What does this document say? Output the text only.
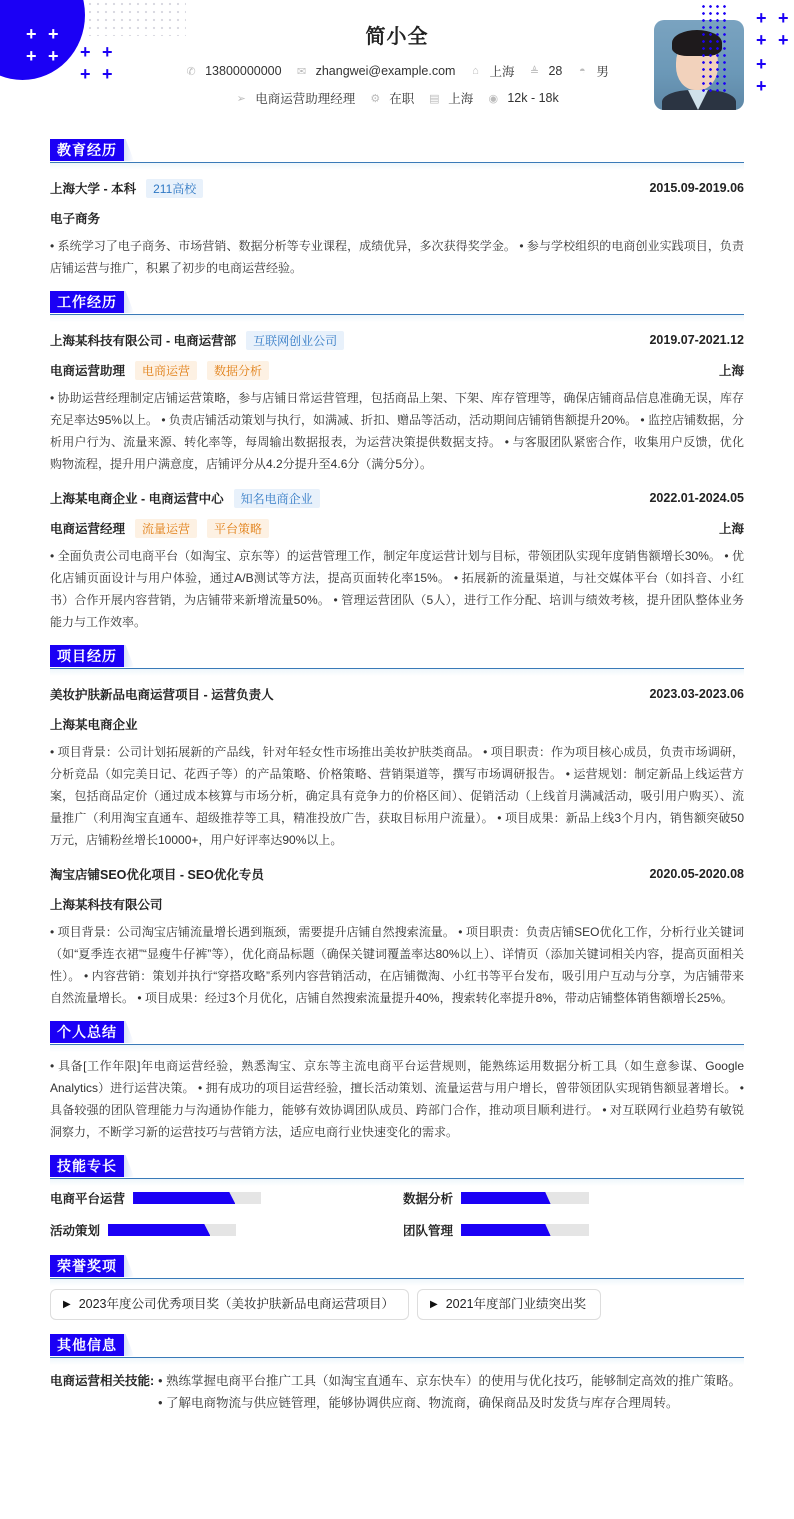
+ +
+ +	+ +
+ +
+ +
+ +
+
+
简小全
✆ 13800000000 ✉ zhangwei@example.com ⌂ 上海 ≜ 28 ◓ 男
➢ 电商运营助理经理 ⚙ 在职 ▤ 上海 ◉ 12k - 18k
教育经历
上海大学 - 本科	211高校	2015.09-2019.06
电子商务
• 系统学习了电子商务、市场营销、数据分析等专业课程，成绩优异，多次获得奖学金。 • 参与学校组织的电商创业实践项目，负责店铺运营与推广，积累了初步的电商运营经验。
工作经历
上海某科技有限公司 - 电商运营部	互联网创业公司	2019.07-2021.12
电商运营助理	电商运营	数据分析	上海
• 协助运营经理制定店铺运营策略，参与店铺日常运营管理，包括商品上架、下架、库存管理等，确保店铺商品信息准确无误，库存充足率达95%以上。 • 负责店铺活动策划与执行，如满减、折扣、赠品等活动，活动期间店铺销售额提升20%。 • 监控店铺数据，分析用户行为、流量来源、转化率等，每周输出数据报表，为运营决策提供数据支持。 • 与客服团队紧密合作，收集用户反馈，优化购物流程，提升用户满意度，店铺评分从4.2分提升至4.6分（满分5分）。
上海某电商企业 - 电商运营中心	知名电商企业	2022.01-2024.05
电商运营经理	流量运营	平台策略	上海
• 全面负责公司电商平台（如淘宝、京东等）的运营管理工作，制定年度运营计划与目标，带领团队实现年度销售额增长30%。 • 优化店铺页面设计与用户体验，通过A/B测试等方法，提高页面转化率15%。 • 拓展新的流量渠道，与社交媒体平台（如抖音、小红书）合作开展内容营销，为店铺带来新增流量50%。 • 管理运营团队（5人），进行工作分配、培训与绩效考核，提升团队整体业务能力与工作效率。
项目经历
美妆护肤新品电商运营项目 - 运营负责人	2023.03-2023.06
上海某电商企业
• 项目背景：公司计划拓展新的产品线，针对年轻女性市场推出美妆护肤类商品。 • 项目职责：作为项目核心成员，负责市场调研，分析竞品（如完美日记、花西子等）的产品策略、价格策略、营销渠道等，撰写市场调研报告。 • 运营规划：制定新品上线运营方案，包括商品定价（通过成本核算与市场分析，确定具有竞争力的价格区间）、促销活动（上线首月满减活动，吸引用户购买）、流量推广（利用淘宝直通车、超级推荐等工具，精准投放广告，获取目标用户流量）。 • 项目成果：新品上线3个月内，销售额突破50万元，店铺粉丝增长10000+，用户好评率达90%以上。
淘宝店铺SEO优化项目 - SEO优化专员	2020.05-2020.08
上海某科技有限公司
• 项目背景：公司淘宝店铺流量增长遇到瓶颈，需要提升店铺自然搜索流量。 • 项目职责：负责店铺SEO优化工作，分析行业关键词（如“夏季连衣裙”“显瘦牛仔裤”等），优化商品标题（确保关键词覆盖率达80%以上）、详情页（添加关键词相关内容，提高页面相关性）。 • 内容营销：策划并执行“穿搭攻略”系列内容营销活动，在店铺微淘、小红书等平台发布，吸引用户互动与分享，为店铺带来自然流量增长。 • 项目成果：经过3个月优化，店铺自然搜索流量提升40%，搜索转化率提升8%，带动店铺整体销售额增长25%。
个人总结
• 具备[工作年限]年电商运营经验，熟悉淘宝、京东等主流电商平台运营规则，能熟练运用数据分析工具（如生意参谋、Google Analytics）进行运营决策。 • 拥有成功的项目运营经验，擅长活动策划、流量运营与用户增长，曾带领团队实现销售额显著增长。 • 具备较强的团队管理能力与沟通协作能力，能够有效协调团队成员、跨部门合作，推动项目顺利进行。 • 对互联网行业趋势有敏锐洞察力，不断学习新的运营技巧与营销方法，适应电商行业快速变化的需求。
技能专长
电商平台运营	数据分析
活动策划	团队管理
荣誉奖项
▶ 2023年度公司优秀项目奖（美妆护肤新品电商运营项目）	▶ 2021年度部门业绩突出奖
其他信息
电商运营相关技能: • 熟练掌握电商平台推广工具（如淘宝直通车、京东快车）的使用与优化技巧，能够制定高效的推广策略。 • 了解电商物流与供应链管理，能够协调供应商、物流商，确保商品及时发货与库存合理周转。
